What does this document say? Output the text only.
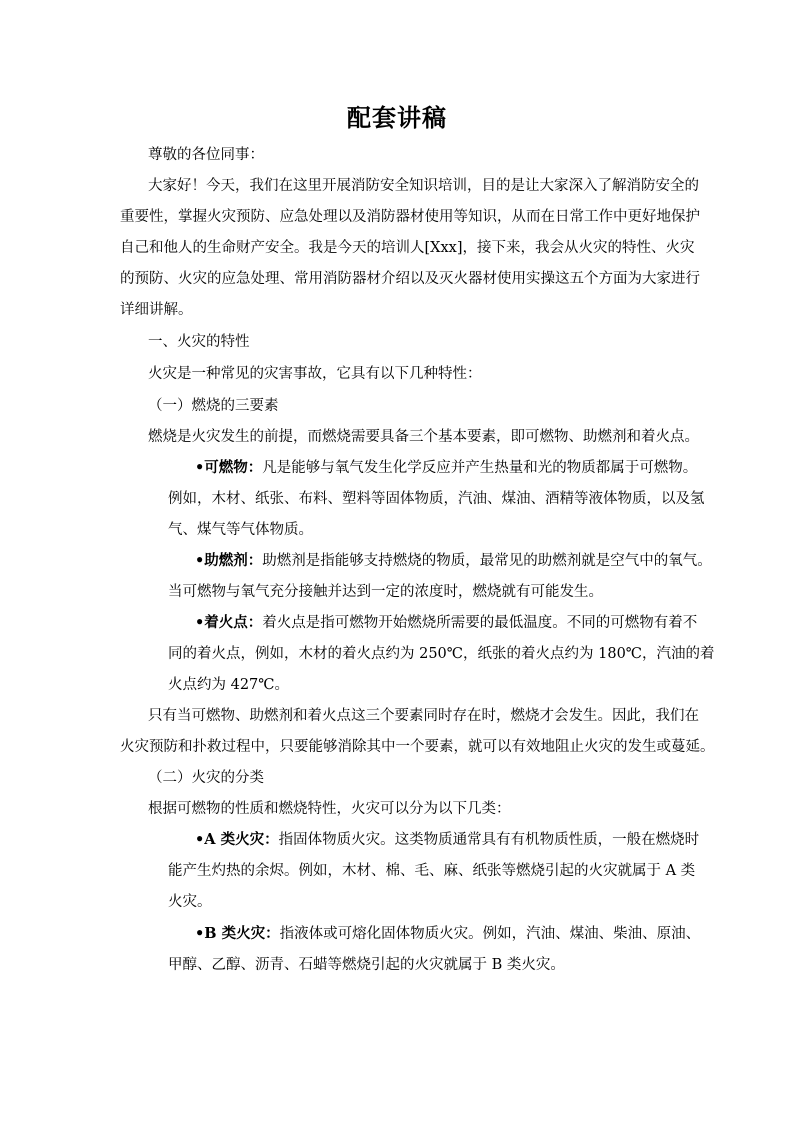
配套讲稿
尊敬的各位同事：
大家好！今天，我们在这里开展消防安全知识培训，目的是让大家深入了解消防安全的
重要性，掌握火灾预防、应急处理以及消防器材使用等知识，从而在日常工作中更好地保护
自己和他人的生命财产安全。我是今天的培训人[Xxx]，接下来，我会从火灾的特性、火灾
的预防、火灾的应急处理、常用消防器材介绍以及灭火器材使用实操这五个方面为大家进行
详细讲解。
一、火灾的特性
火灾是一种常见的灾害事故，它具有以下几种特性：
（一）燃烧的三要素
燃烧是火灾发生的前提，而燃烧需要具备三个基本要素，即可燃物、助燃剂和着火点。
•可燃物：凡是能够与氧气发生化学反应并产生热量和光的物质都属于可燃物。
例如，木材、纸张、布料、塑料等固体物质，汽油、煤油、酒精等液体物质，以及氢
气、煤气等气体物质。
•助燃剂：助燃剂是指能够支持燃烧的物质，最常见的助燃剂就是空气中的氧气。
当可燃物与氧气充分接触并达到一定的浓度时，燃烧就有可能发生。
•着火点：着火点是指可燃物开始燃烧所需要的最低温度。不同的可燃物有着不
同的着火点，例如，木材的着火点约为 250℃，纸张的着火点约为 180℃，汽油的着
火点约为 427℃。
只有当可燃物、助燃剂和着火点这三个要素同时存在时，燃烧才会发生。因此，我们在
火灾预防和扑救过程中，只要能够消除其中一个要素，就可以有效地阻止火灾的发生或蔓延。
（二）火灾的分类
根据可燃物的性质和燃烧特性，火灾可以分为以下几类：
•A 类火灾：指固体物质火灾。这类物质通常具有有机物质性质，一般在燃烧时
能产生灼热的余烬。例如，木材、棉、毛、麻、纸张等燃烧引起的火灾就属于 A 类
火灾。
•B 类火灾：指液体或可熔化固体物质火灾。例如，汽油、煤油、柴油、原油、
甲醇、乙醇、沥青、石蜡等燃烧引起的火灾就属于 B 类火灾。
